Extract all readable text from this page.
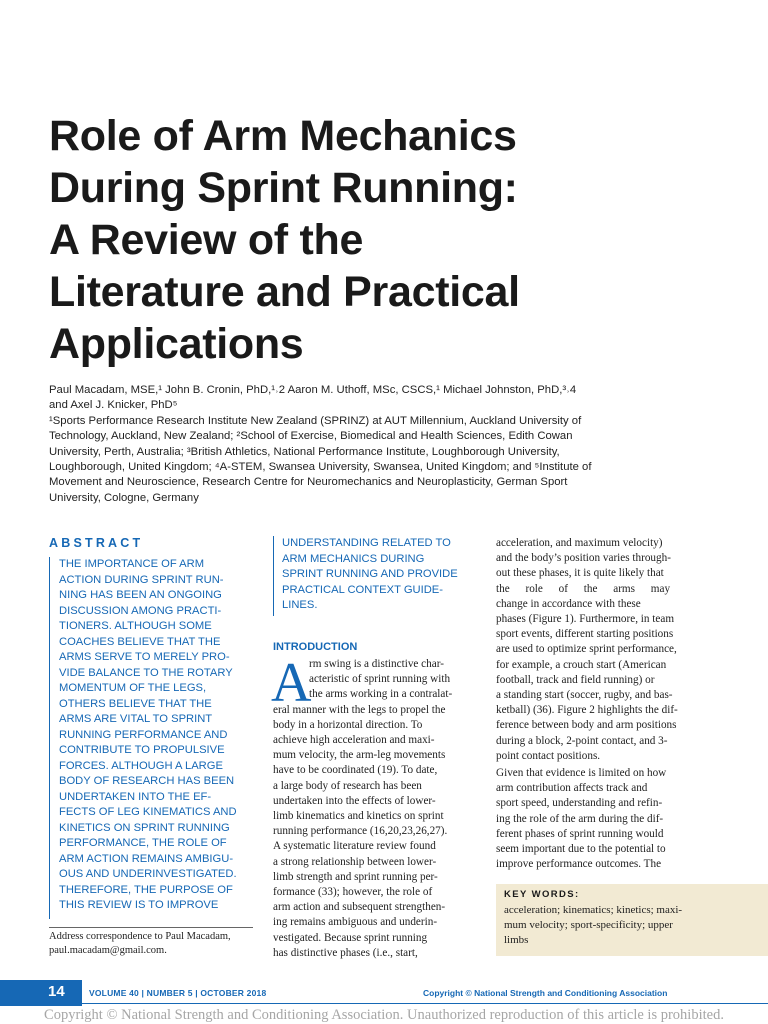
Role of Arm Mechanics
During Sprint Running:
A Review of the
Literature and Practical
Applications
Paul Macadam, MSE,¹ John B. Cronin, PhD,¹˒2 Aaron M. Uthoff, MSc, CSCS,¹ Michael Johnston, PhD,³˒4
and Axel J. Knicker, PhD⁵
¹Sports Performance Research Institute New Zealand (SPRINZ) at AUT Millennium, Auckland University of
Technology, Auckland, New Zealand; ²School of Exercise, Biomedical and Health Sciences, Edith Cowan
University, Perth, Australia; ³British Athletics, National Performance Institute, Loughborough University,
Loughborough, United Kingdom; ⁴A-STEM, Swansea University, Swansea, United Kingdom; and ⁵Institute of
Movement and Neuroscience, Research Centre for Neuromechanics and Neuroplasticity, German Sport
University, Cologne, Germany
ABSTRACT
THE IMPORTANCE OF ARM
ACTION DURING SPRINT RUN-
NING HAS BEEN AN ONGOING
DISCUSSION AMONG PRACTI-
TIONERS. ALTHOUGH SOME
COACHES BELIEVE THAT THE
ARMS SERVE TO MERELY PRO-
VIDE BALANCE TO THE ROTARY
MOMENTUM OF THE LEGS,
OTHERS BELIEVE THAT THE
ARMS ARE VITAL TO SPRINT
RUNNING PERFORMANCE AND
CONTRIBUTE TO PROPULSIVE
FORCES. ALTHOUGH A LARGE
BODY OF RESEARCH HAS BEEN
UNDERTAKEN INTO THE EF-
FECTS OF LEG KINEMATICS AND
KINETICS ON SPRINT RUNNING
PERFORMANCE, THE ROLE OF
ARM ACTION REMAINS AMBIGU-
OUS AND UNDERINVESTIGATED.
THEREFORE, THE PURPOSE OF
THIS REVIEW IS TO IMPROVE
UNDERSTANDING RELATED TO
ARM MECHANICS DURING
SPRINT RUNNING AND PROVIDE
PRACTICAL CONTEXT GUIDE-
LINES.
Address correspondence to Paul Macadam,
paul.macadam@gmail.com.
INTRODUCTION
A
rm swing is a distinctive char-
acteristic of sprint running with
the arms working in a contralat-
eral manner with the legs to propel the
body in a horizontal direction. To
achieve high acceleration and maxi-
mum velocity, the arm-leg movements
have to be coordinated (19). To date,
a large body of research has been
undertaken into the effects of lower-
limb kinematics and kinetics on sprint
running performance (16,20,23,26,27).
A systematic literature review found
a strong relationship between lower-
limb strength and sprint running per-
formance (33); however, the role of
arm action and subsequent strengthen-
ing remains ambiguous and underin-
vestigated. Because sprint running
has distinctive phases (i.e., start,
acceleration, and maximum velocity)
and the body’s position varies through-
out these phases, it is quite likely that
the role of the arms may
change in accordance with these
phases (Figure 1). Furthermore, in team
sport events, different starting positions
are used to optimize sprint performance,
for example, a crouch start (American
football, track and field running) or
a standing start (soccer, rugby, and bas-
ketball) (36). Figure 2 highlights the dif-
ference between body and arm positions
during a block, 2-point contact, and 3-
point contact positions.
Given that evidence is limited on how
arm contribution affects track and
sport speed, understanding and refin-
ing the role of the arm during the dif-
ferent phases of sprint running would
seem important due to the potential to
improve performance outcomes. The
KEY WORDS:
acceleration; kinematics; kinetics; maxi-
mum velocity; sport-specificity; upper
limbs
14	VOLUME 40 | NUMBER 5 | OCTOBER 2018	Copyright © National Strength and Conditioning Association
Copyright © National Strength and Conditioning Association. Unauthorized reproduction of this article is prohibited.
